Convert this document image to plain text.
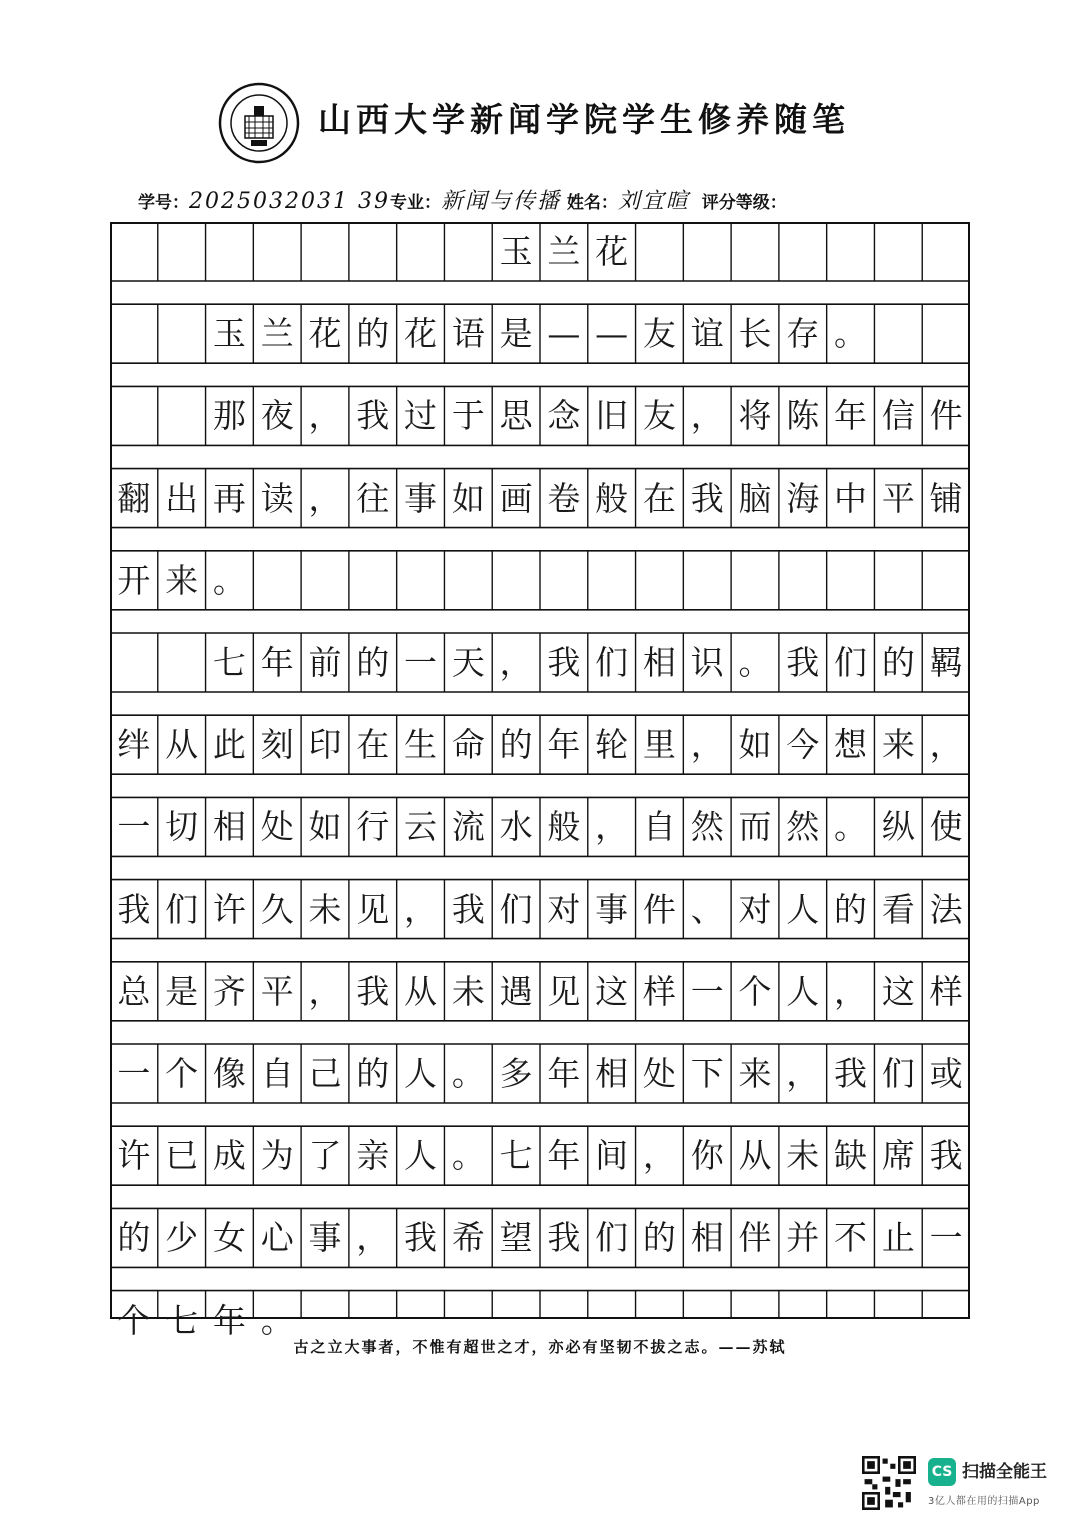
山西大学新闻学院学生修养随笔
学号：2025032031 39专业：新闻与传播 姓名：刘宜暄 评分等级：
玉 兰 花
玉 兰 花 的 花 语 是 — — 友 谊 长 存 。
那 夜 ， 我 过 于 思 念 旧 友 ， 将 陈 年 信 件
翻 出 再 读 ， 往 事 如 画 卷 般 在 我 脑 海 中 平 铺
开 来 。
七 年 前 的 一 天 ， 我 们 相 识 。 我 们 的 羁
绊 从 此 刻 印 在 生 命 的 年 轮 里 ， 如 今 想 来 ，
一 切 相 处 如 行 云 流 水 般 ， 自 然 而 然 。 纵 使
我 们 许 久 未 见 ， 我 们 对 事 件 、 对 人 的 看 法
总 是 齐 平 ， 我 从 未 遇 见 这 样 一 个 人 ， 这 样
一 个 像 自 己 的 人 。 多 年 相 处 下 来 ， 我 们 或
许 已 成 为 了 亲 人 。 七 年 间 ， 你 从 未 缺 席 我
的 少 女 心 事 ， 我 希 望 我 们 的 相 伴 并 不 止 一
个 七 年 。
古之立大事者，不惟有超世之才，亦必有坚韧不拔之志。——苏轼
CS 扫描全能王
3亿人都在用的扫描App
